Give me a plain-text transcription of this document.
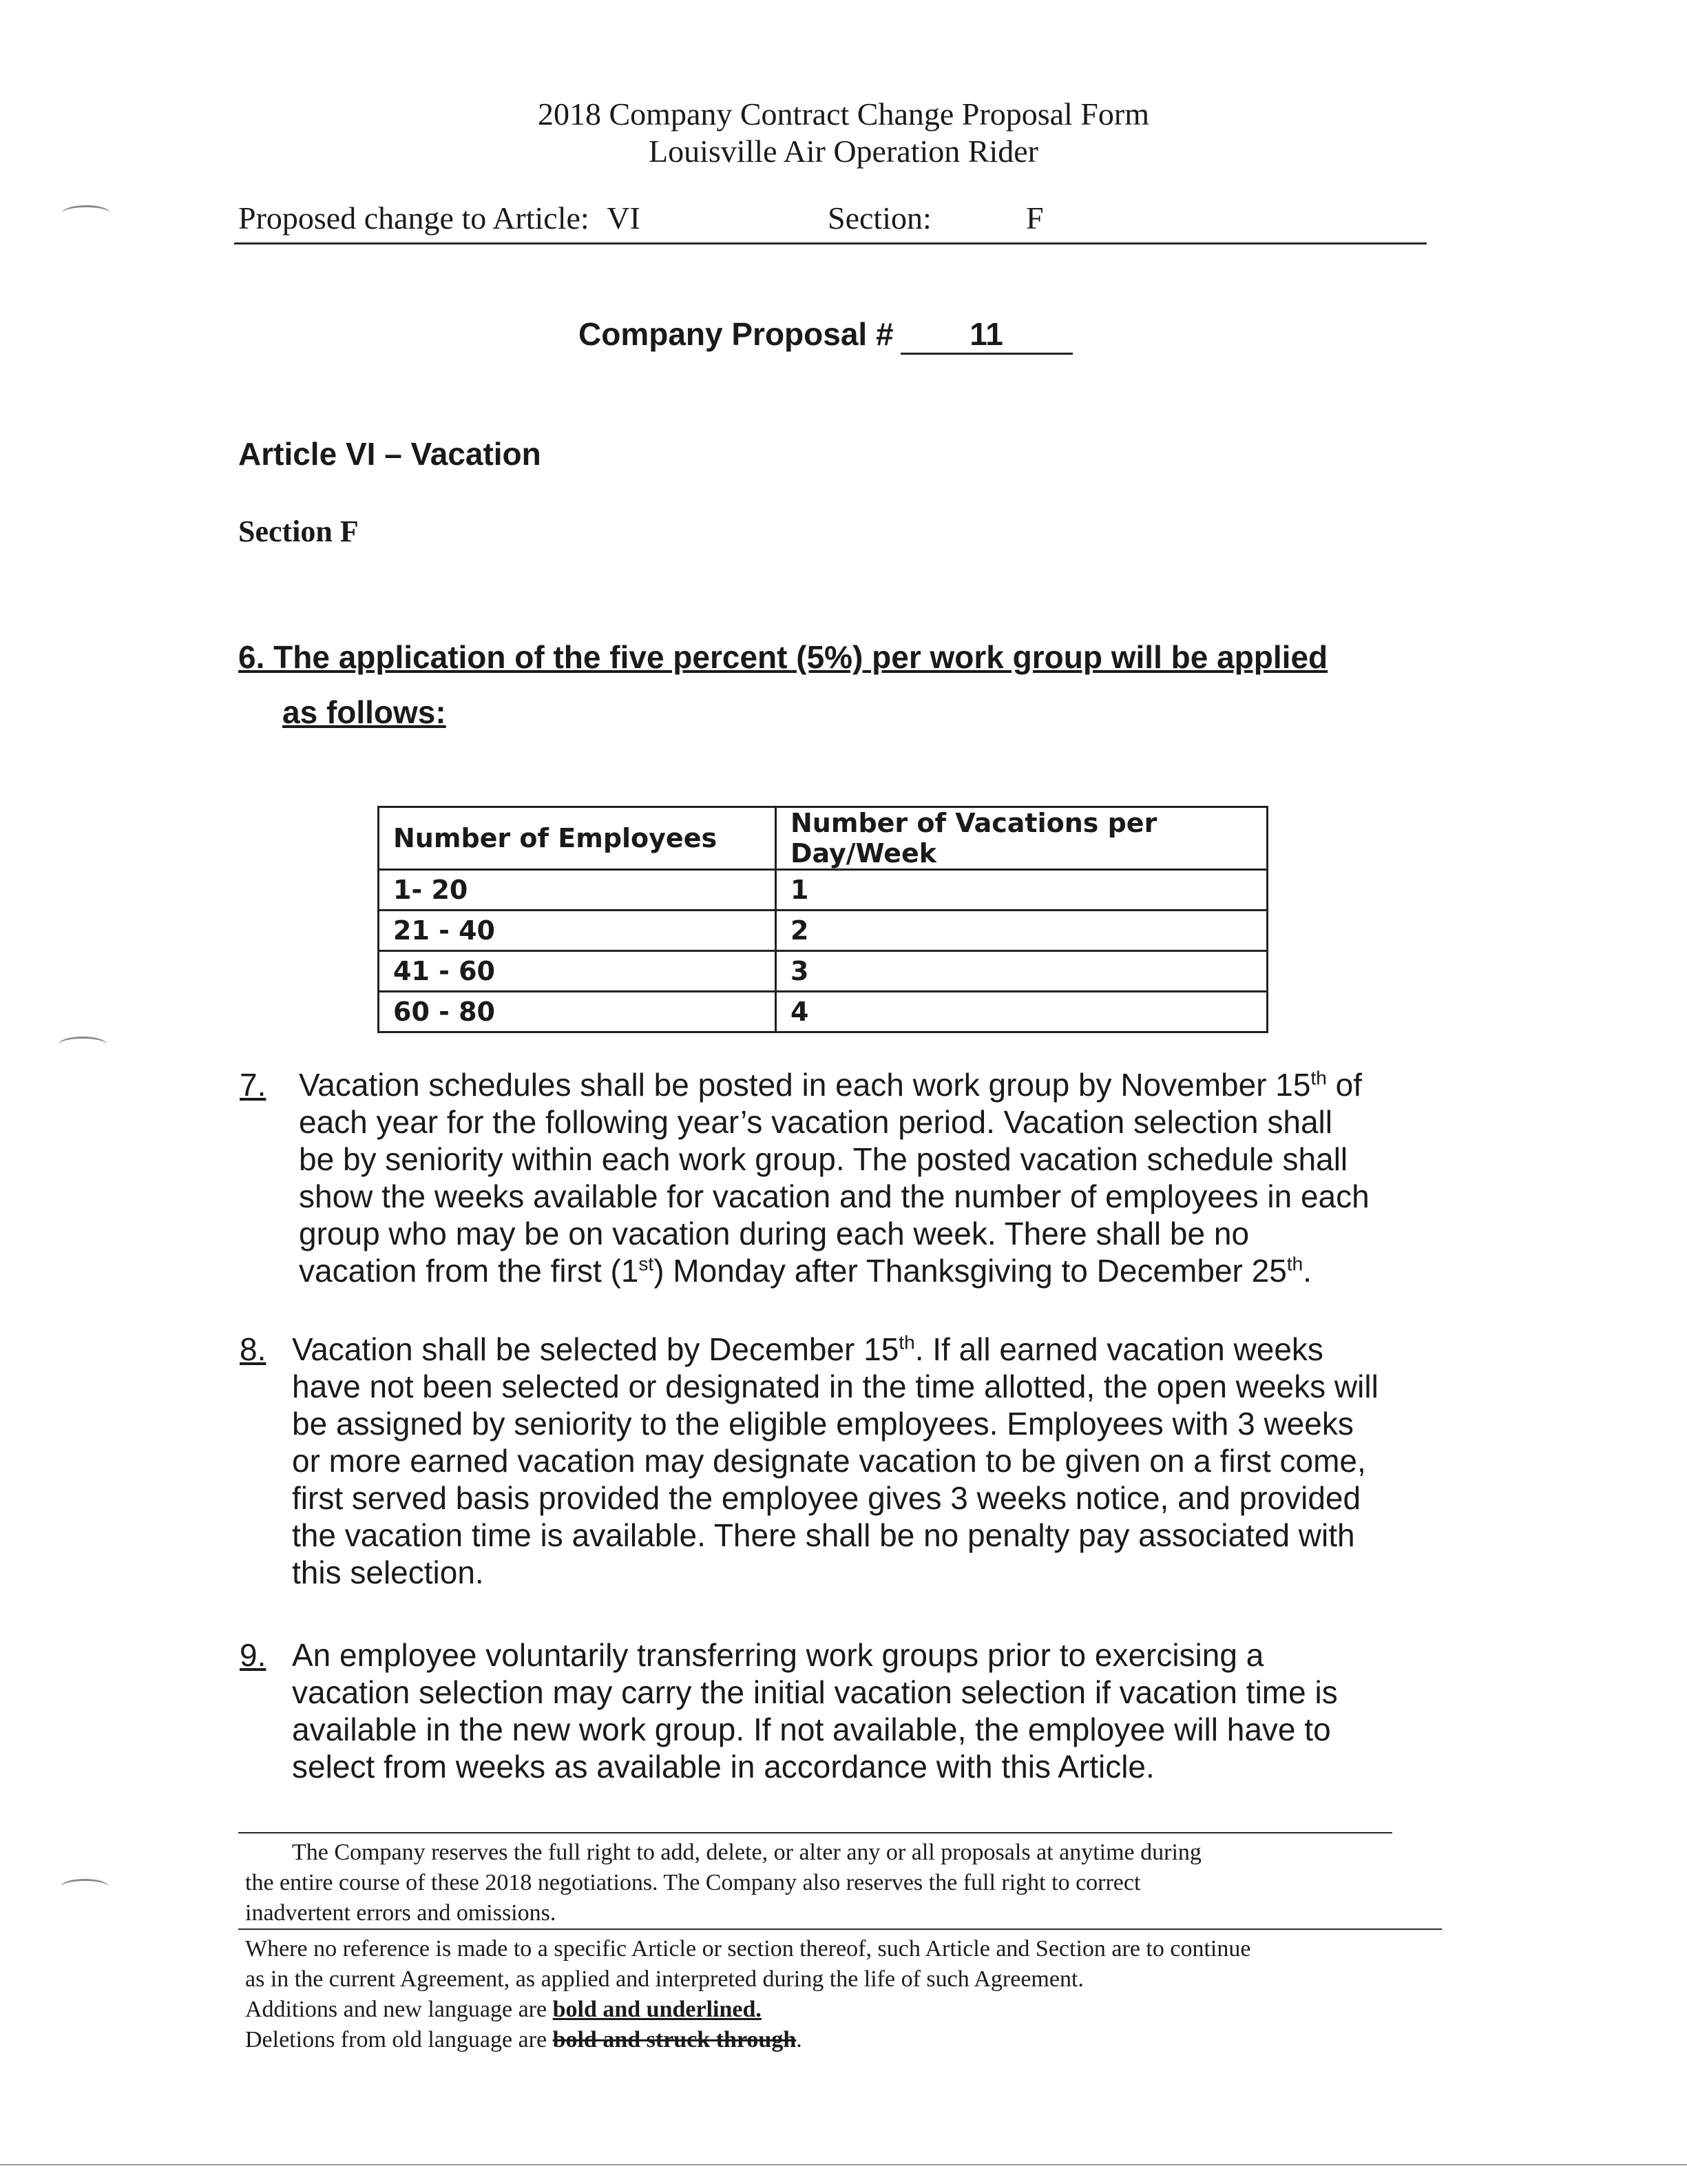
2018 Company Contract Change Proposal Form
Louisville Air Operation Rider
Proposed change to Article: VI	Section:	F
Company Proposal # 11
Article VI – Vacation
Section F
6. The application of the five percent (5%) per work group will be applied
as follows:
Number of Employees	Number of Vacations per Day/Week
1- 20	1
21 - 40	2
41 - 60	3
60 - 80	4
7. Vacation schedules shall be posted in each work group by November 15th of
each year for the following year’s vacation period. Vacation selection shall
be by seniority within each work group. The posted vacation schedule shall
show the weeks available for vacation and the number of employees in each
group who may be on vacation during each week. There shall be no
vacation from the first (1st) Monday after Thanksgiving to December 25th.
8. Vacation shall be selected by December 15th. If all earned vacation weeks
have not been selected or designated in the time allotted, the open weeks will
be assigned by seniority to the eligible employees. Employees with 3 weeks
or more earned vacation may designate vacation to be given on a first come,
first served basis provided the employee gives 3 weeks notice, and provided
the vacation time is available. There shall be no penalty pay associated with
this selection.
9. An employee voluntarily transferring work groups prior to exercising a
vacation selection may carry the initial vacation selection if vacation time is
available in the new work group. If not available, the employee will have to
select from weeks as available in accordance with this Article.
The Company reserves the full right to add, delete, or alter any or all proposals at anytime during
the entire course of these 2018 negotiations. The Company also reserves the full right to correct
inadvertent errors and omissions.
Where no reference is made to a specific Article or section thereof, such Article and Section are to continue
as in the current Agreement, as applied and interpreted during the life of such Agreement.
Additions and new language are bold and underlined.
Deletions from old language are bold and struck through.
